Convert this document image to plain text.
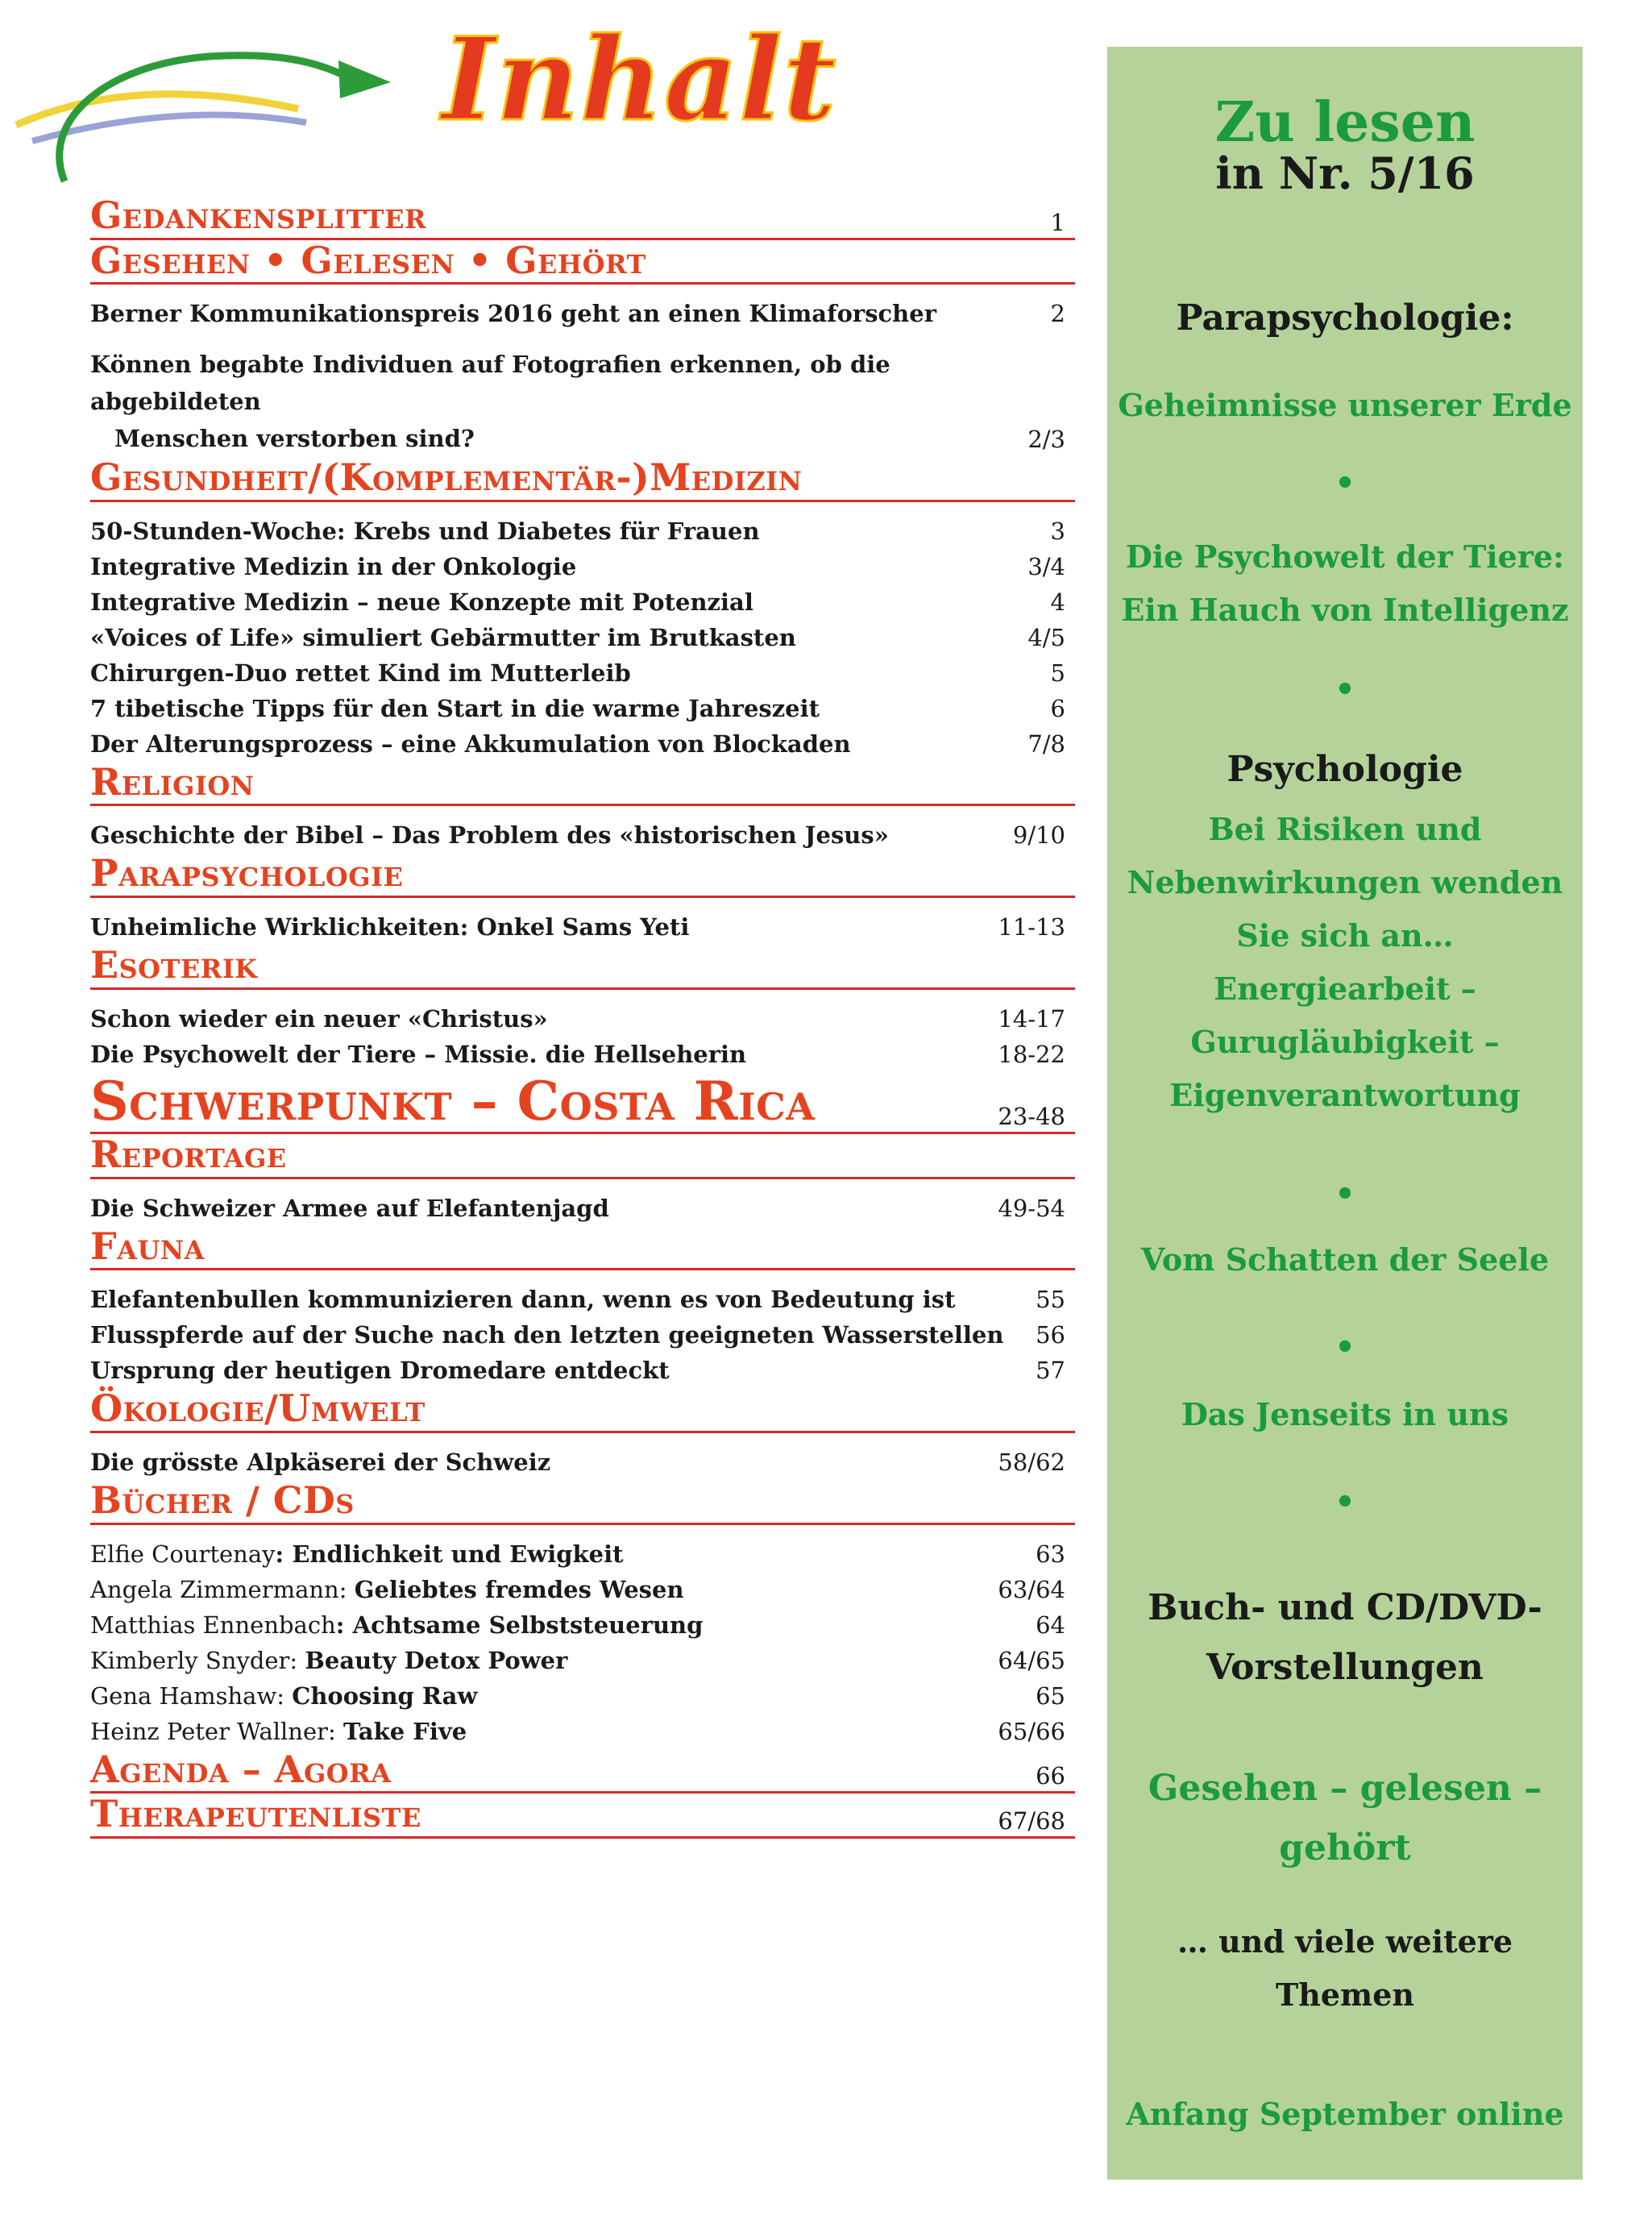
Inhalt
Gedankensplitter	1
Gesehen • Gelesen • Gehört
Berner Kommunikationspreis 2016 geht an einen Klimaforscher	2
Können begabte Individuen auf Fotografien erkennen, ob die abgebildeten
Menschen verstorben sind?	2/3
Gesundheit/(Komplementär-)Medizin
50-Stunden-Woche: Krebs und Diabetes für Frauen	3
Integrative Medizin in der Onkologie	3/4
Integrative Medizin – neue Konzepte mit Potenzial	4
«Voices of Life» simuliert Gebärmutter im Brutkasten	4/5
Chirurgen-Duo rettet Kind im Mutterleib	5
7 tibetische Tipps für den Start in die warme Jahreszeit	6
Der Alterungsprozess – eine Akkumulation von Blockaden	7/8
Religion
Geschichte der Bibel – Das Problem des «historischen Jesus»	9/10
Parapsychologie
Unheimliche Wirklichkeiten: Onkel Sams Yeti	11-13
Esoterik
Schon wieder ein neuer «Christus»	14-17
Die Psychowelt der Tiere – Missie. die Hellseherin	18-22
Schwerpunkt – Costa Rica	23-48
Reportage
Die Schweizer Armee auf Elefantenjagd	49-54
Fauna
Elefantenbullen kommunizieren dann, wenn es von Bedeutung ist	55
Flusspferde auf der Suche nach den letzten geeigneten Wasserstellen	56
Ursprung der heutigen Dromedare entdeckt	57
Ökologie/Umwelt
Die grösste Alpkäserei der Schweiz	58/62
Bücher / CDs
Elfie Courtenay: Endlichkeit und Ewigkeit	63
Angela Zimmermann: Geliebtes fremdes Wesen	63/64
Matthias Ennenbach: Achtsame Selbststeuerung	64
Kimberly Snyder: Beauty Detox Power	64/65
Gena Hamshaw: Choosing Raw	65
Heinz Peter Wallner: Take Five	65/66
Agenda – Agora	66
Therapeutenliste	67/68
Zu lesen
in Nr. 5/16
Parapsychologie:
Geheimnisse unserer Erde
•
Die Psychowelt der Tiere:
Ein Hauch von Intelligenz
•
Psychologie
Bei Risiken und
Nebenwirkungen wenden
Sie sich an…
Energiearbeit –
Gurugläubigkeit –
Eigenverantwortung
•
Vom Schatten der Seele
•
Das Jenseits in uns
•
Buch- und CD/DVD-
Vorstellungen
Gesehen – gelesen –
gehört
… und viele weitere
Themen
Anfang September online
